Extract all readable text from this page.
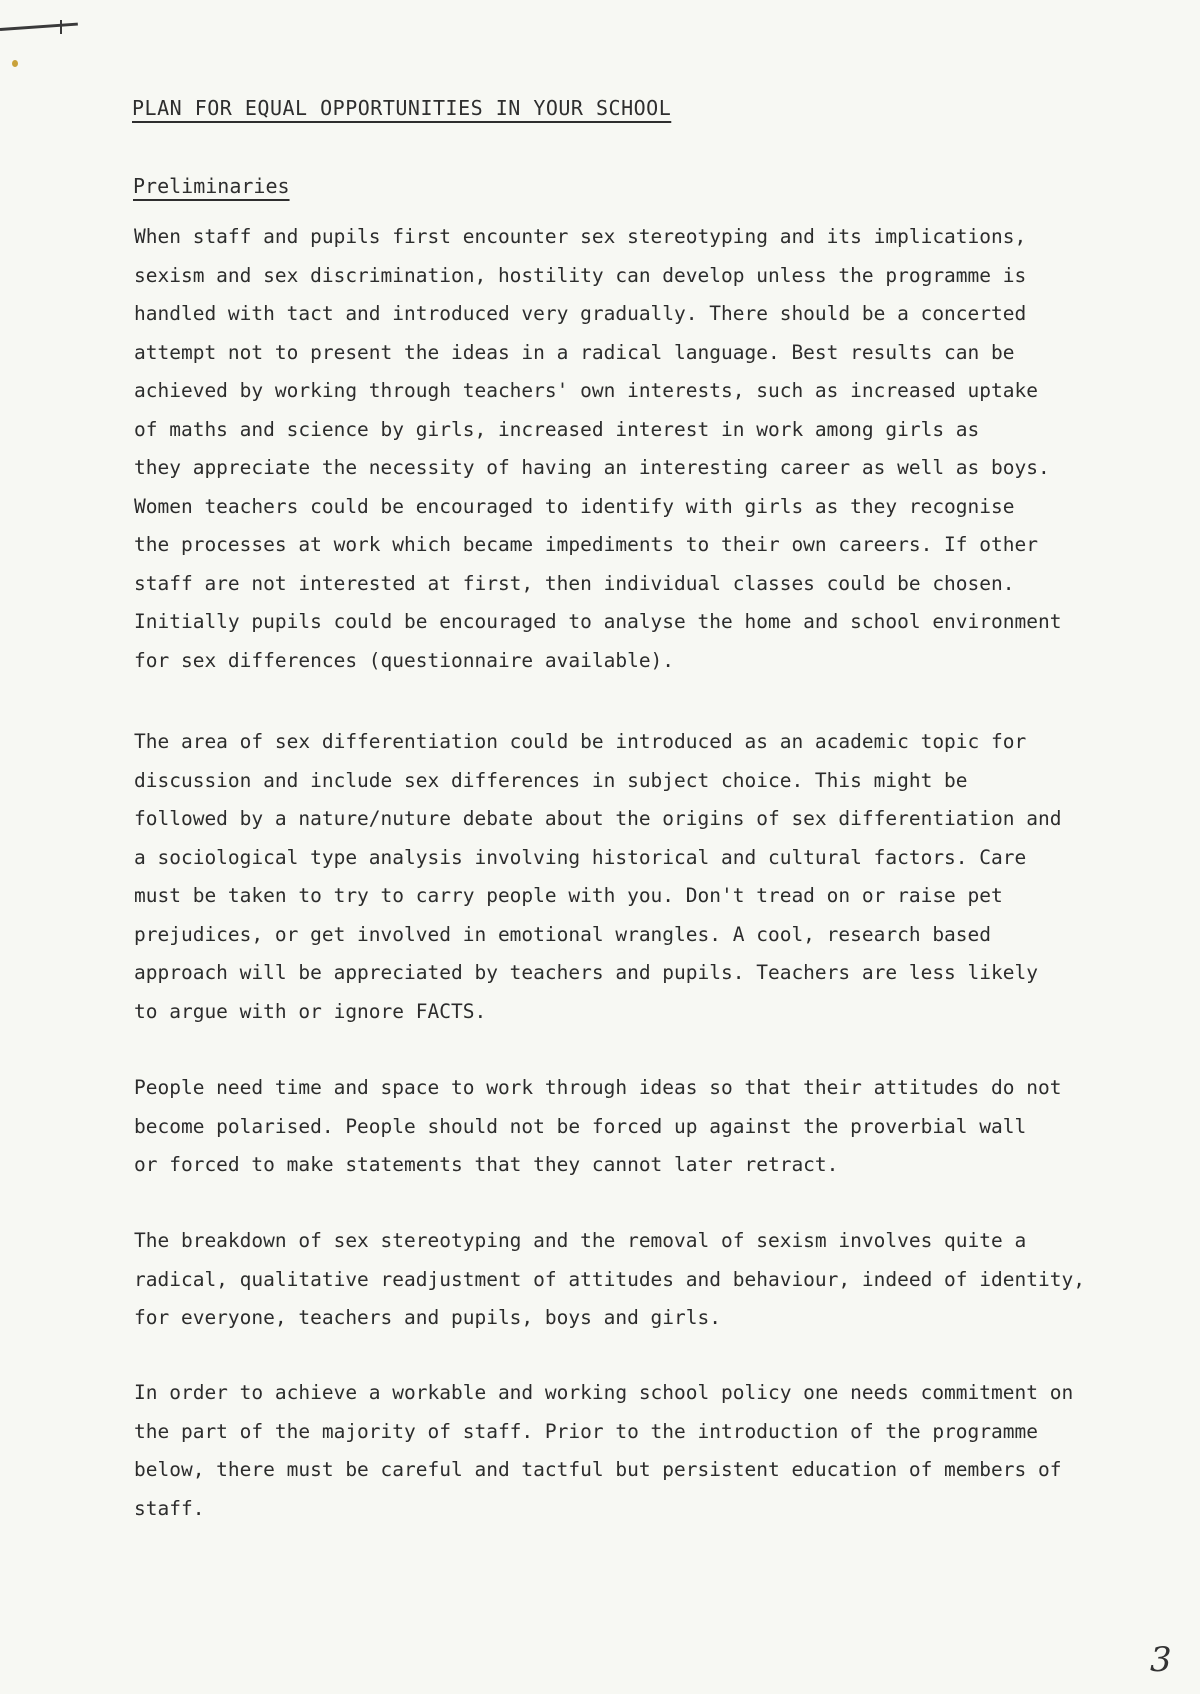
PLAN FOR EQUAL OPPORTUNITIES IN YOUR SCHOOL
Preliminaries
When staff and pupils first encounter sex stereotyping and its implications,
sexism and sex discrimination, hostility can develop unless the programme is
handled with tact and introduced very gradually. There should be a concerted
attempt not to present the ideas in a radical language. Best results can be
achieved by working through teachers' own interests, such as increased uptake
of maths and science by girls, increased interest in work among girls as
they appreciate the necessity of having an interesting career as well as boys.
Women teachers could be encouraged to identify with girls as they recognise
the processes at work which became impediments to their own careers. If other
staff are not interested at first, then individual classes could be chosen.
Initially pupils could be encouraged to analyse the home and school environment
for sex differences (questionnaire available).
The area of sex differentiation could be introduced as an academic topic for
discussion and include sex differences in subject choice. This might be
followed by a nature/nuture debate about the origins of sex differentiation and
a sociological type analysis involving historical and cultural factors. Care
must be taken to try to carry people with you. Don't tread on or raise pet
prejudices, or get involved in emotional wrangles. A cool, research based
approach will be appreciated by teachers and pupils. Teachers are less likely
to argue with or ignore FACTS.
People need time and space to work through ideas so that their attitudes do not
become polarised. People should not be forced up against the proverbial wall
or forced to make statements that they cannot later retract.
The breakdown of sex stereotyping and the removal of sexism involves quite a
radical, qualitative readjustment of attitudes and behaviour, indeed of identity,
for everyone, teachers and pupils, boys and girls.
In order to achieve a workable and working school policy one needs commitment on
the part of the majority of staff. Prior to the introduction of the programme
below, there must be careful and tactful but persistent education of members of
staff.
3
